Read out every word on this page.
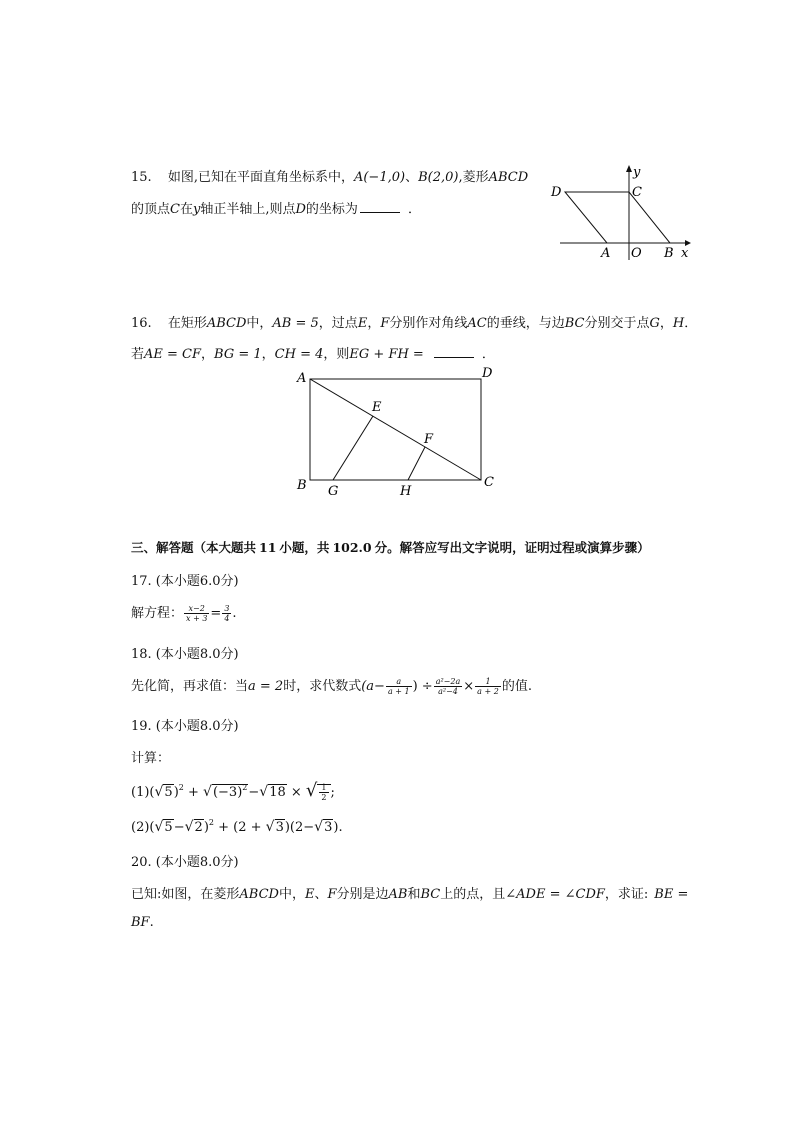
15. 如图,已知在平面直角坐标系中，A(−1,0)、B(2,0),菱形ABCD
的顶点C在y轴正半轴上,则点D的坐标为	．
D	C
A O B x
y
16. 在矩形ABCD中，AB = 5，过点E，F分别作对角线AC的垂线，与边BC分别交于点G，H．
若AE = CF，BG = 1，CH = 4，则EG + FH =	．
A	D
B	C
E
F
G	H
三、解答题（本大题共 11 小题，共 102.0 分。解答应写出文字说明，证明过程或演算步骤）
17. (本小题6.0分)
解方程： $\frac{x-2}{x + 3} = \frac{3}{4}$ .
18. (本小题8.0分)
先化简，再求值：当a = 2时，求代数式($a- \frac{a}{a + 1}$ ) ÷ $\frac{\text{a²−2a}}{\text{a²−4}} \times \frac{1}{a + 2}$ 的值.
19. (本小题8.0分)
计算：
$(1)(√5)^2 + √(-3)^2-√18$ × √ $\frac{1}{2}$ ;
$(2)(√5-√2)^2 + (2 + √3)(2-√3)$.
20. (本小题8.0分)
已知:如图，在菱形ABCD中，E、F分别是边AB和BC上的点，且∠ADE = ∠CDF，求证: BE =
BF.
